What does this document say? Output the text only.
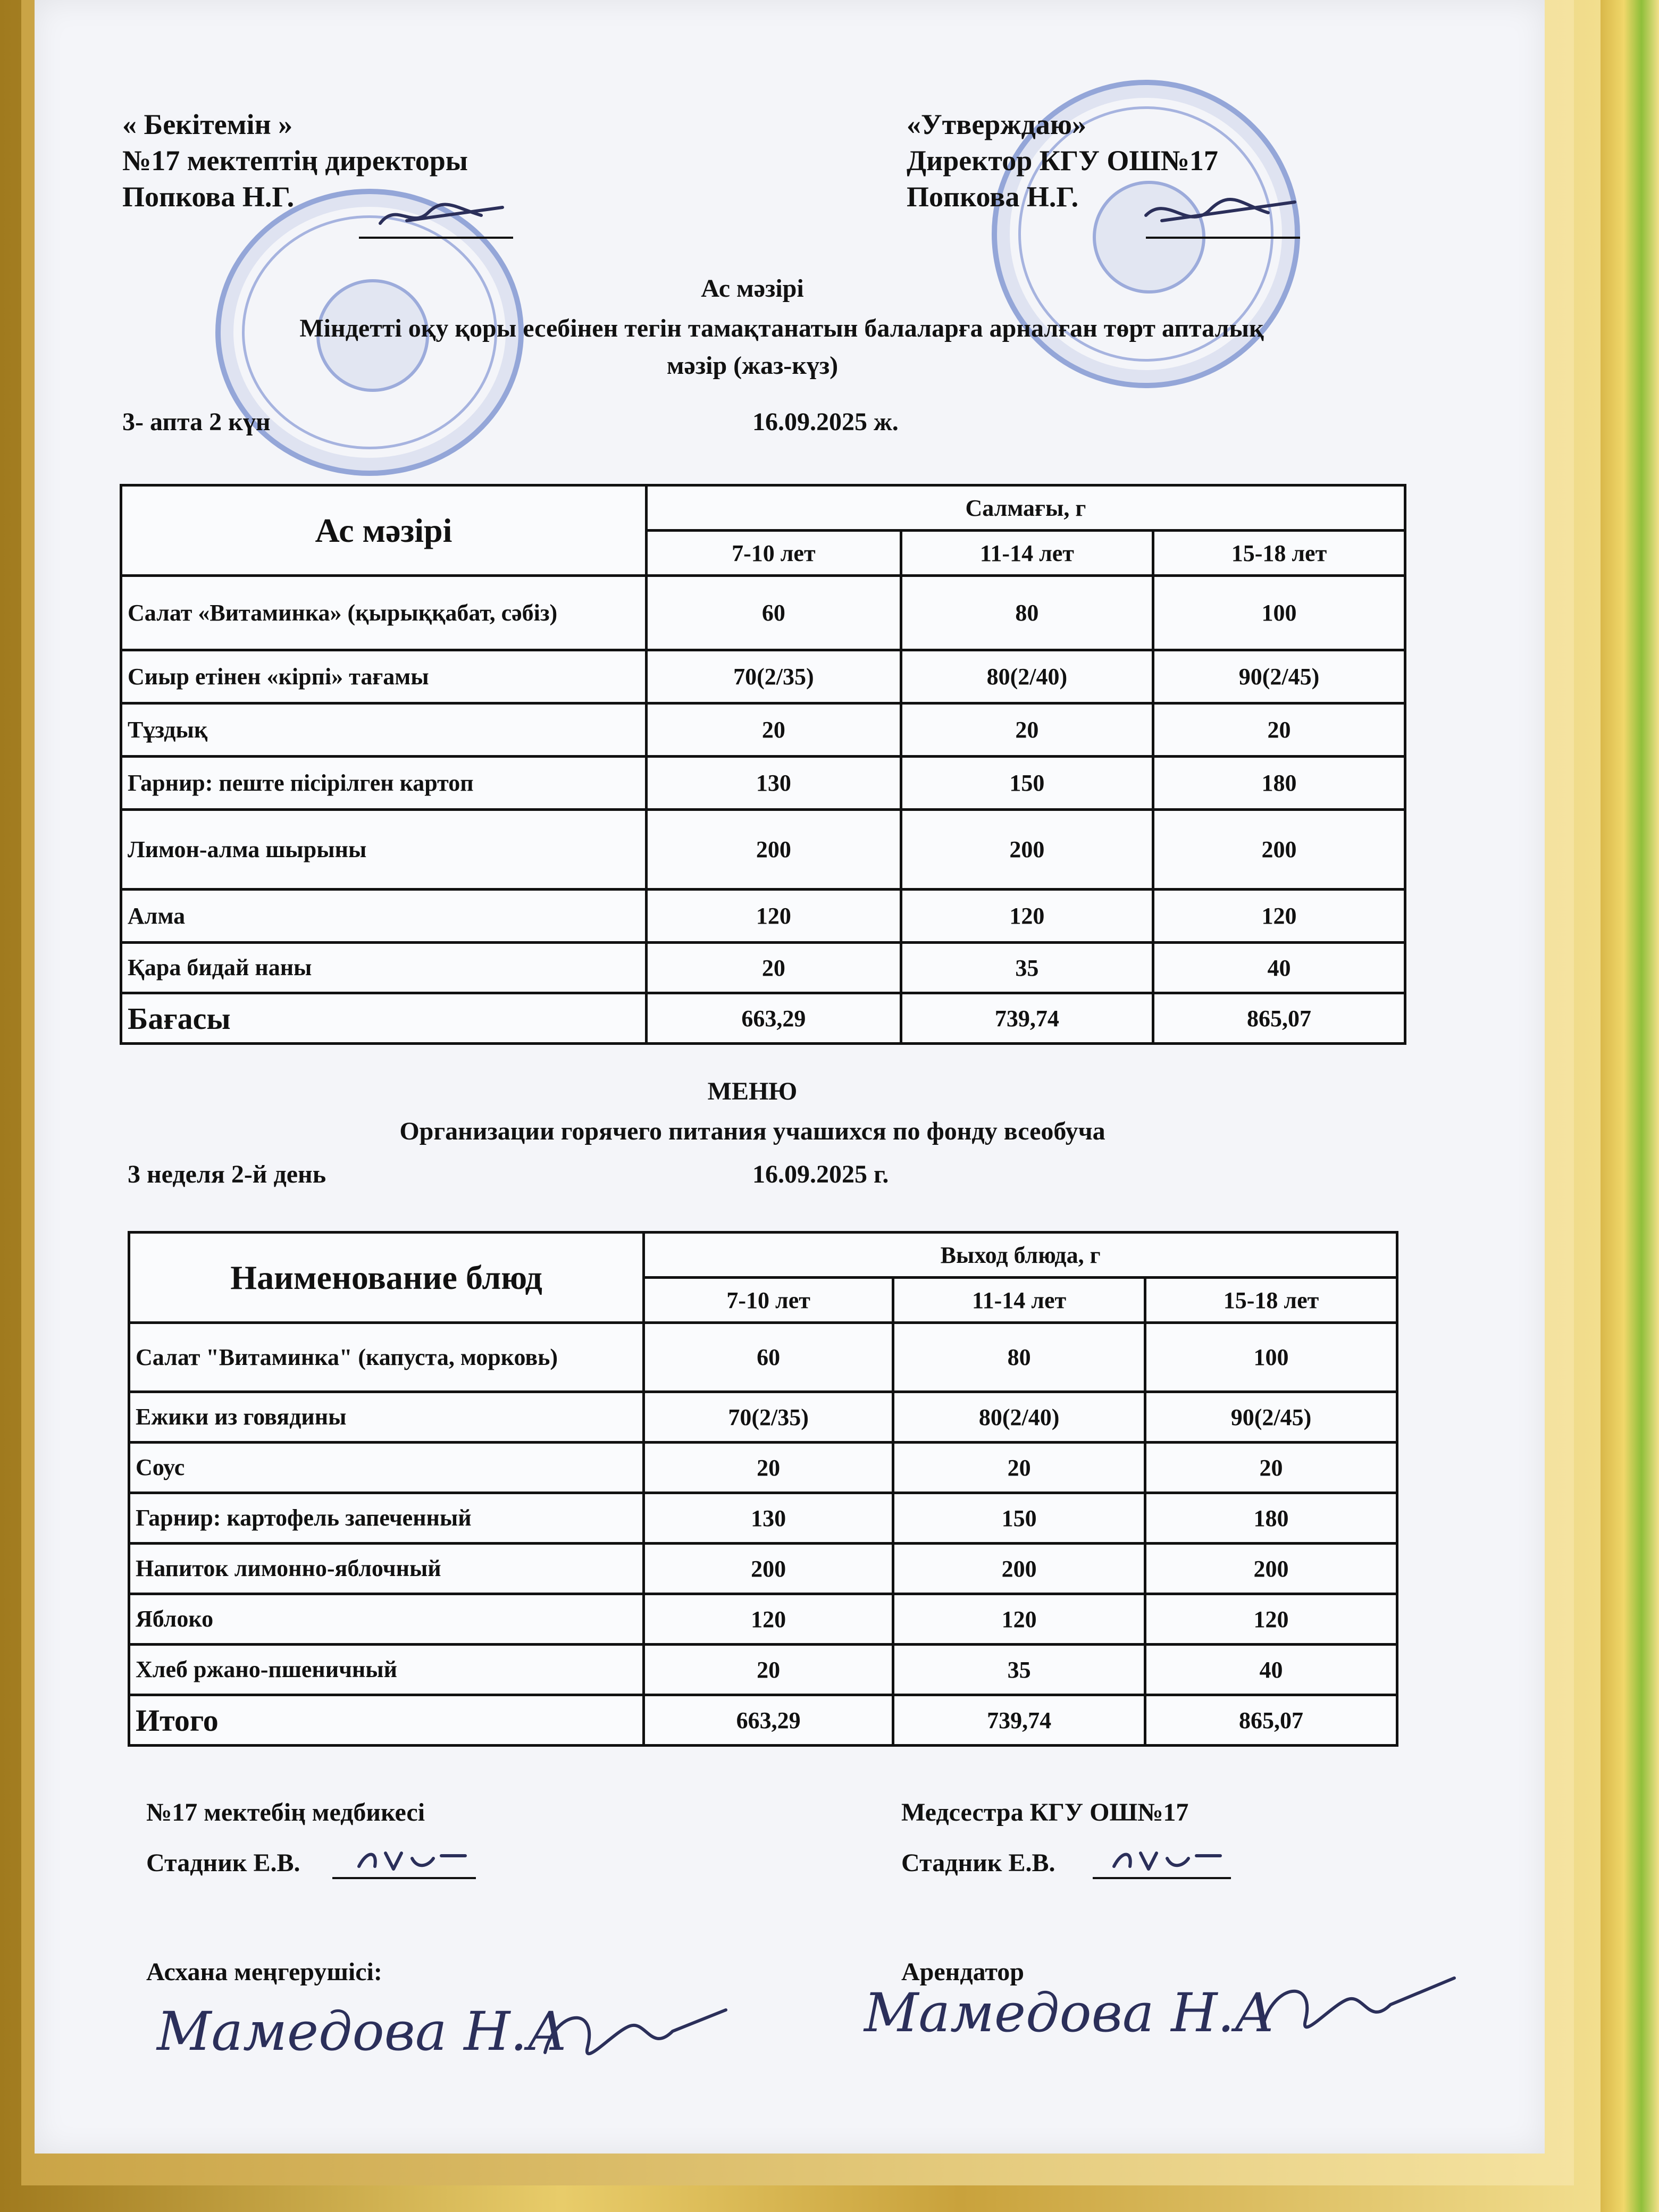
« Бекітемін »
№17 мектептің директоры
Попкова Н.Г.
«Утверждаю»
Директор КГУ ОШ№17
Попкова Н.Г.
Ас мәзірі
Міндетті оқу қоры есебінен тегін тамақтанатын балаларға арналған төрт апталық
мәзір (жаз-күз)
3- апта 2 күн	16.09.2025 ж.
Ас мәзірі	Салмағы, г		
	7-10 лет	11-14 лет	15-18 лет
Салат «Витаминка» (қырыққабат, сәбіз)	60	80	100
Сиыр етінен «кірпі» тағамы	70(2/35)	80(2/40)	90(2/45)
Тұздық	20	20	20
Гарнир: пеште пісірілген картоп	130	150	180
Лимон-алма шырыны	200	200	200
Алма	120	120	120
Қара бидай наны	20	35	40
Бағасы	663,29	739,74	865,07
МЕНЮ
Организации горячего питания учашихся по фонду всеобуча
3 неделя 2-й день	16.09.2025 г.
Наименование блюд	Выход блюда, г		
	7-10 лет	11-14 лет	15-18 лет
Салат "Витаминка" (капуста, морковь)	60	80	100
Ежики из говядины	70(2/35)	80(2/40)	90(2/45)
Соус	20	20	20
Гарнир: картофель запеченный	130	150	180
Напиток лимонно-яблочный	200	200	200
Яблоко	120	120	120
Хлеб ржано-пшеничный	20	35	40
Итого	663,29	739,74	865,07
№17 мектебің медбикесі
Стадник Е.В.
Медсестра КГУ ОШ№17
Стадник Е.В.
Асхана меңгерушісі:	Арендатор
Мамедова Н.А	Мамедова Н.А
